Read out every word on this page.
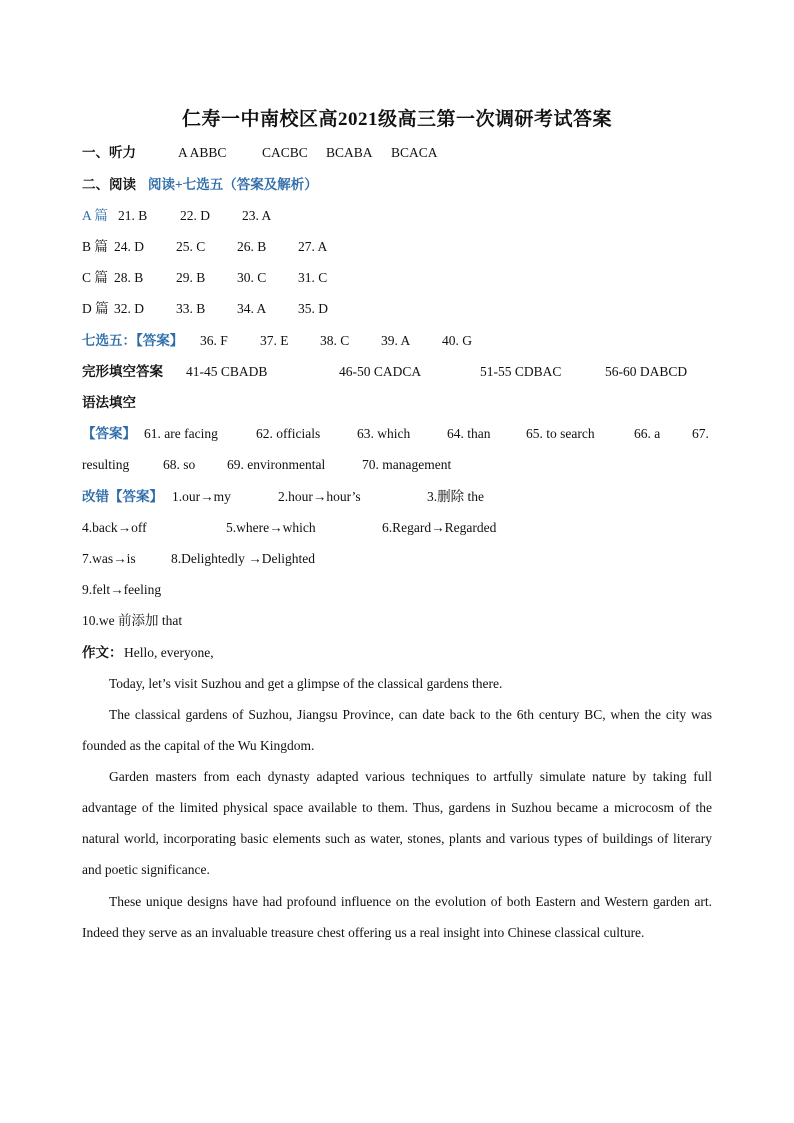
仁寿一中南校区高2021级高三第一次调研考试答案
一、听力	A ABBC	CACBC BCABA BCACA
二、阅读 阅读+七选五（答案及解析）
A 篇 21. B 22. D 23. A
B 篇 24. D 25. C 26. B 27. A
C 篇 28. B 29. B 30. C 31. C
D 篇 32. D 33. B 34. A 35. D
七选五：【答案】 36. F 37. E 38. C 39. A 40. G
完形填空答案 41-45 CBADB	46-50 CADCA	51-55 CDBAC	56-60 DABCD
语法填空
【答案】 61. are facing	62. officials	63. which	64. than	65. to search	66. a 67.
resulting	68. so 69. environmental	70. management
改错【答案】 1.our→my	2.hour→hour’s	3.删除 the
4.back→off	5.where→which	6.Regard→Regarded
7.was→is	8.Delightedly →Delighted
9.felt→feeling
10.we 前添加 that
作文： Hello, everyone,
Today, let’s visit Suzhou and get a glimpse of the classical gardens there.
The classical gardens of Suzhou, Jiangsu Province, can date back to the 6th century BC, when the city was founded as the capital of the Wu Kingdom.
Garden masters from each dynasty adapted various techniques to artfully simulate nature by taking full advantage of the limited physical space available to them. Thus, gardens in Suzhou became a microcosm of the natural world, incorporating basic elements such as water, stones, plants and various types of buildings of literary and poetic significance.
These unique designs have had profound influence on the evolution of both Eastern and Western garden art. Indeed they serve as an invaluable treasure chest offering us a real insight into Chinese classical culture.
